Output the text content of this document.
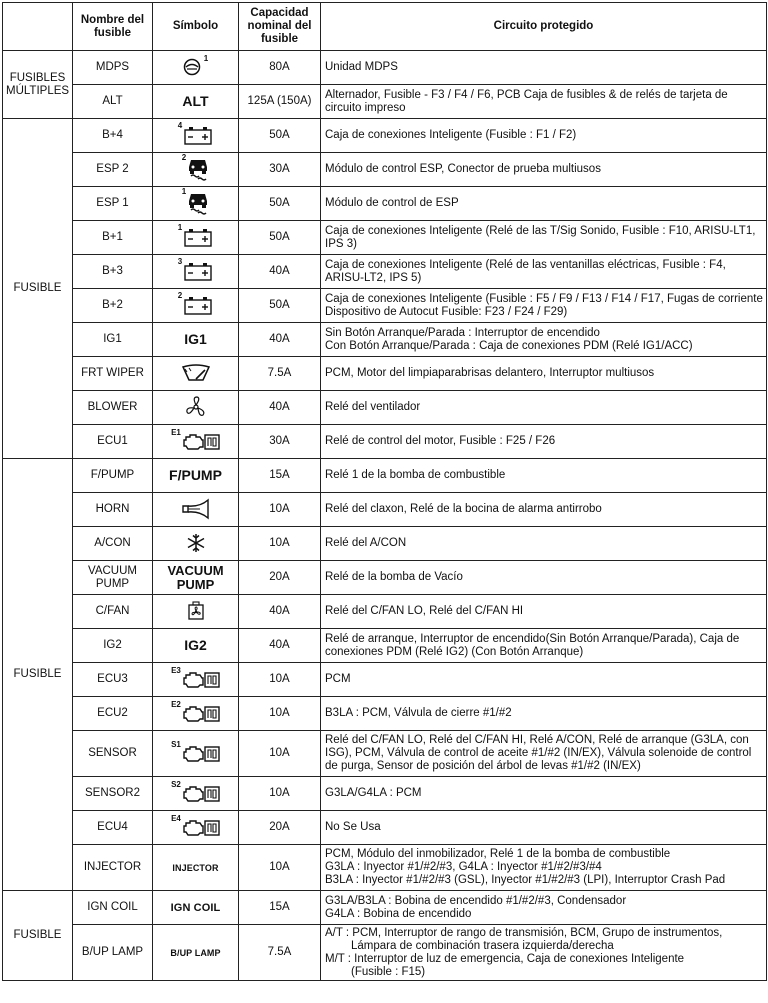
	Nombre del fusible	Símbolo	Capacidad nominal del fusible	Circuito protegido
FUSIBLES MÚLTIPLES	MDPS	$^1$	80A	Unidad MDPS

	ALT	ALT	125A (150A)	Alternador, Fusible - F3 / F4 / F6, PCB Caja de fusibles & de relés de tarjeta de circuito impreso

FUSIBLE	B+4	$^4$	50A	Caja de conexiones Inteligente (Fusible : F1 / F2)

	ESP 2	$^2$	30A	Módulo de control ESP, Conector de prueba multiusos

	ESP 1	$^1$	50A	Módulo de control de ESP

	B+1	$^1$	50A	Caja de conexiones Inteligente (Relé de las T/Sig Sonido, Fusible : F10, ARISU-LT1, IPS 3)

	B+3	$^3$	40A	Caja de conexiones Inteligente (Relé de las ventanillas eléctricas, Fusible : F4, ARISU-LT2, IPS 5)

	B+2	$^2$	50A	Caja de conexiones Inteligente (Fusible : F5 / F9 / F13 / F14 / F17, Fugas de corriente Dispositivo de Autocut Fusible: F23 / F24 / F29)

	IG1	IG1	40A	Sin Botón Arranque/Parada : Interruptor de encendido
Con Botón Arranque/Parada : Caja de conexiones PDM (Relé IG1/ACC)

	FRT WIPER		7.5A	PCM, Motor del limpiaparabrisas delantero, Interruptor multiusos

	BLOWER		40A	Relé del ventilador

	ECU1	$^{E1}$	30A	Relé de control del motor, Fusible : F25 / F26

FUSIBLE	F/PUMP	F/PUMP	15A	Relé 1 de la bomba de combustible

	HORN		10A	Relé del claxon, Relé de la bocina de alarma antirrobo

	A/CON		10A	Relé del A/CON

	VACUUM PUMP	VACUUM PUMP	20A	Relé de la bomba de Vacío

	C/FAN		40A	Relé del C/FAN LO, Relé del C/FAN HI

	IG2	IG2	40A	Relé de arranque, Interruptor de encendido(Sin Botón Arranque/Parada), Caja de conexiones PDM (Relé IG2) (Con Botón Arranque)

	ECU3	$^{E3}$	10A	PCM

	ECU2	$^{E2}$	10A	B3LA : PCM, Válvula de cierre #1/#2

	SENSOR	$^{S1}$	10A	Relé del C/FAN LO, Relé del C/FAN HI, Relé A/CON, Relé de arranque (G3LA, con ISG), PCM, Válvula de control de aceite #1/#2 (IN/EX), Válvula solenoide de control de purga, Sensor de posición del árbol de levas #1/#2 (IN/EX)

	SENSOR2	$^{S2}$	10A	G3LA/G4LA : PCM

	ECU4	$^{E4}$	20A	No Se Usa

	INJECTOR	INJECTOR	10A	PCM, Módulo del inmobilizador, Relé 1 de la bomba de combustible
G3LA : Inyector #1/#2/#3, G4LA : Inyector #1/#2/#3/#4
B3LA : Inyector #1/#2/#3 (GSL), Inyector #1/#2/#3 (LPI), Interruptor Crash Pad

FUSIBLE	IGN COIL	IGN COIL	15A	G3LA/B3LA : Bobina de encendido #1/#2/#3, Condensador
G4LA : Bobina de encendido

	B/UP LAMP	B/UP LAMP	7.5A	A/T : PCM, Interruptor de rango de transmisión, BCM, Grupo de instrumentos,
Lámpara de combinación trasera izquierda/derecha
M/T : Interruptor de luz de emergencia, Caja de conexiones Inteligente
(Fusible : F15)
